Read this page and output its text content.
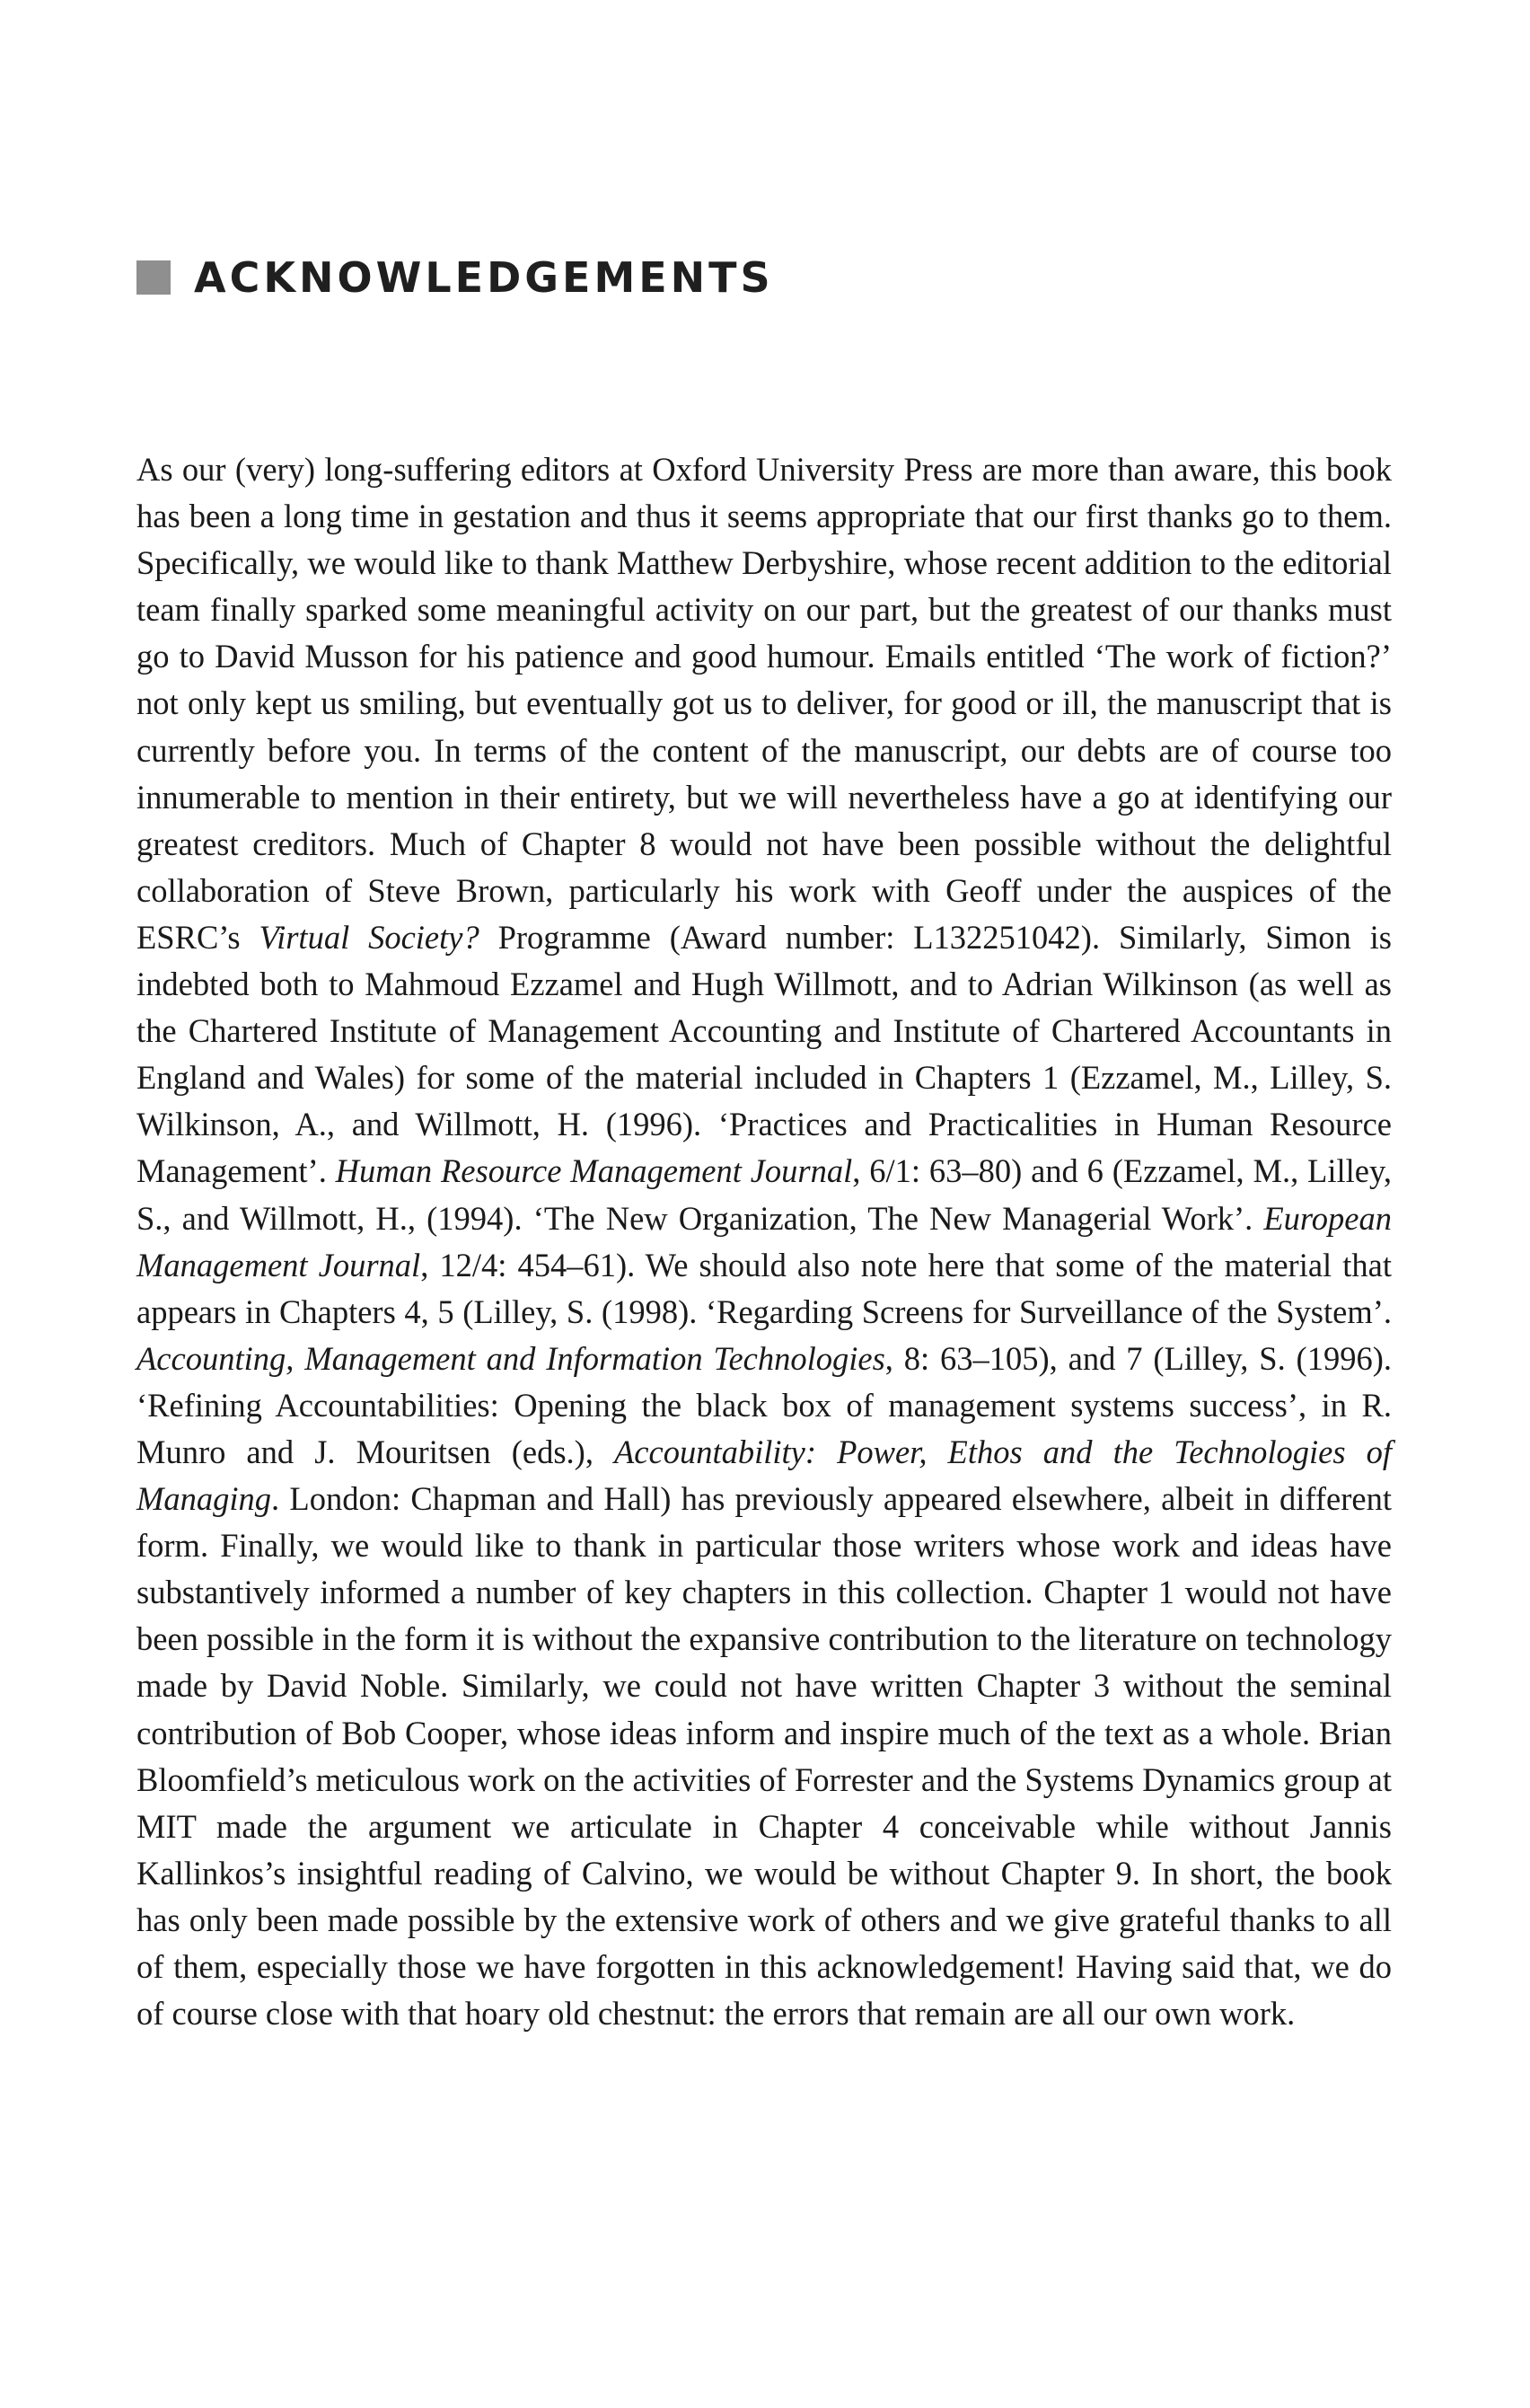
ACKNOWLEDGEMENTS

As our (very) long-suffering editors at Oxford University Press are more than aware, this book has been a long time in gestation and thus it seems appropriate that our first thanks go to them. Specifically, we would like to thank Matthew Derbyshire, whose recent addition to the editorial team finally sparked some meaningful activity on our part, but the greatest of our thanks must go to David Musson for his patience and good humour. Emails entitled ‘The work of fiction?’ not only kept us smiling, but eventually got us to deliver, for good or ill, the manuscript that is currently before you. In terms of the content of the manuscript, our debts are of course too innumerable to mention in their entirety, but we will nevertheless have a go at identifying our greatest creditors. Much of Chapter 8 would not have been possible without the delightful collaboration of Steve Brown, particularly his work with Geoff under the auspices of the ESRC’s Virtual Society? Programme (Award number: L132251042). Similarly, Simon is indebted both to Mahmoud Ezzamel and Hugh Willmott, and to Adrian Wilkinson (as well as the Chartered Institute of Management Accounting and Institute of Chartered Accountants in England and Wales) for some of the material included in Chapters 1 (Ezzamel, M., Lilley, S. Wilkinson, A., and Willmott, H. (1996). ‘Practices and Practicalities in Human Resource Management’. Human Resource Management Journal, 6/1: 63–80) and 6 (Ezzamel, M., Lilley, S., and Willmott, H., (1994). ‘The New Organization, The New Managerial Work’. European Management Journal, 12/4: 454–61). We should also note here that some of the material that appears in Chapters 4, 5 (Lilley, S. (1998). ‘Regarding Screens for Surveillance of the System’. Accounting, Management and Information Technologies, 8: 63–105), and 7 (Lilley, S. (1996). ‘Refining Accountabilities: Opening the black box of management systems success’, in R. Munro and J. Mouritsen (eds.), Accountability: Power, Ethos and the Technologies of Managing. London: Chapman and Hall) has previously appeared elsewhere, albeit in different form. Finally, we would like to thank in particular those writers whose work and ideas have substantively informed a number of key chapters in this collection. Chapter 1 would not have been possible in the form it is without the expansive contribution to the literature on technology made by David Noble. Similarly, we could not have written Chapter 3 without the seminal contribution of Bob Cooper, whose ideas inform and inspire much of the text as a whole. Brian Bloomfield’s meticulous work on the activities of Forrester and the Systems Dynamics group at MIT made the argument we articulate in Chapter 4 conceivable while without Jannis Kallinkos’s insightful reading of Calvino, we would be without Chapter 9. In short, the book has only been made possible by the extensive work of others and we give grateful thanks to all of them, especially those we have forgotten in this acknowledgement! Having said that, we do of course close with that hoary old chestnut: the errors that remain are all our own work.
